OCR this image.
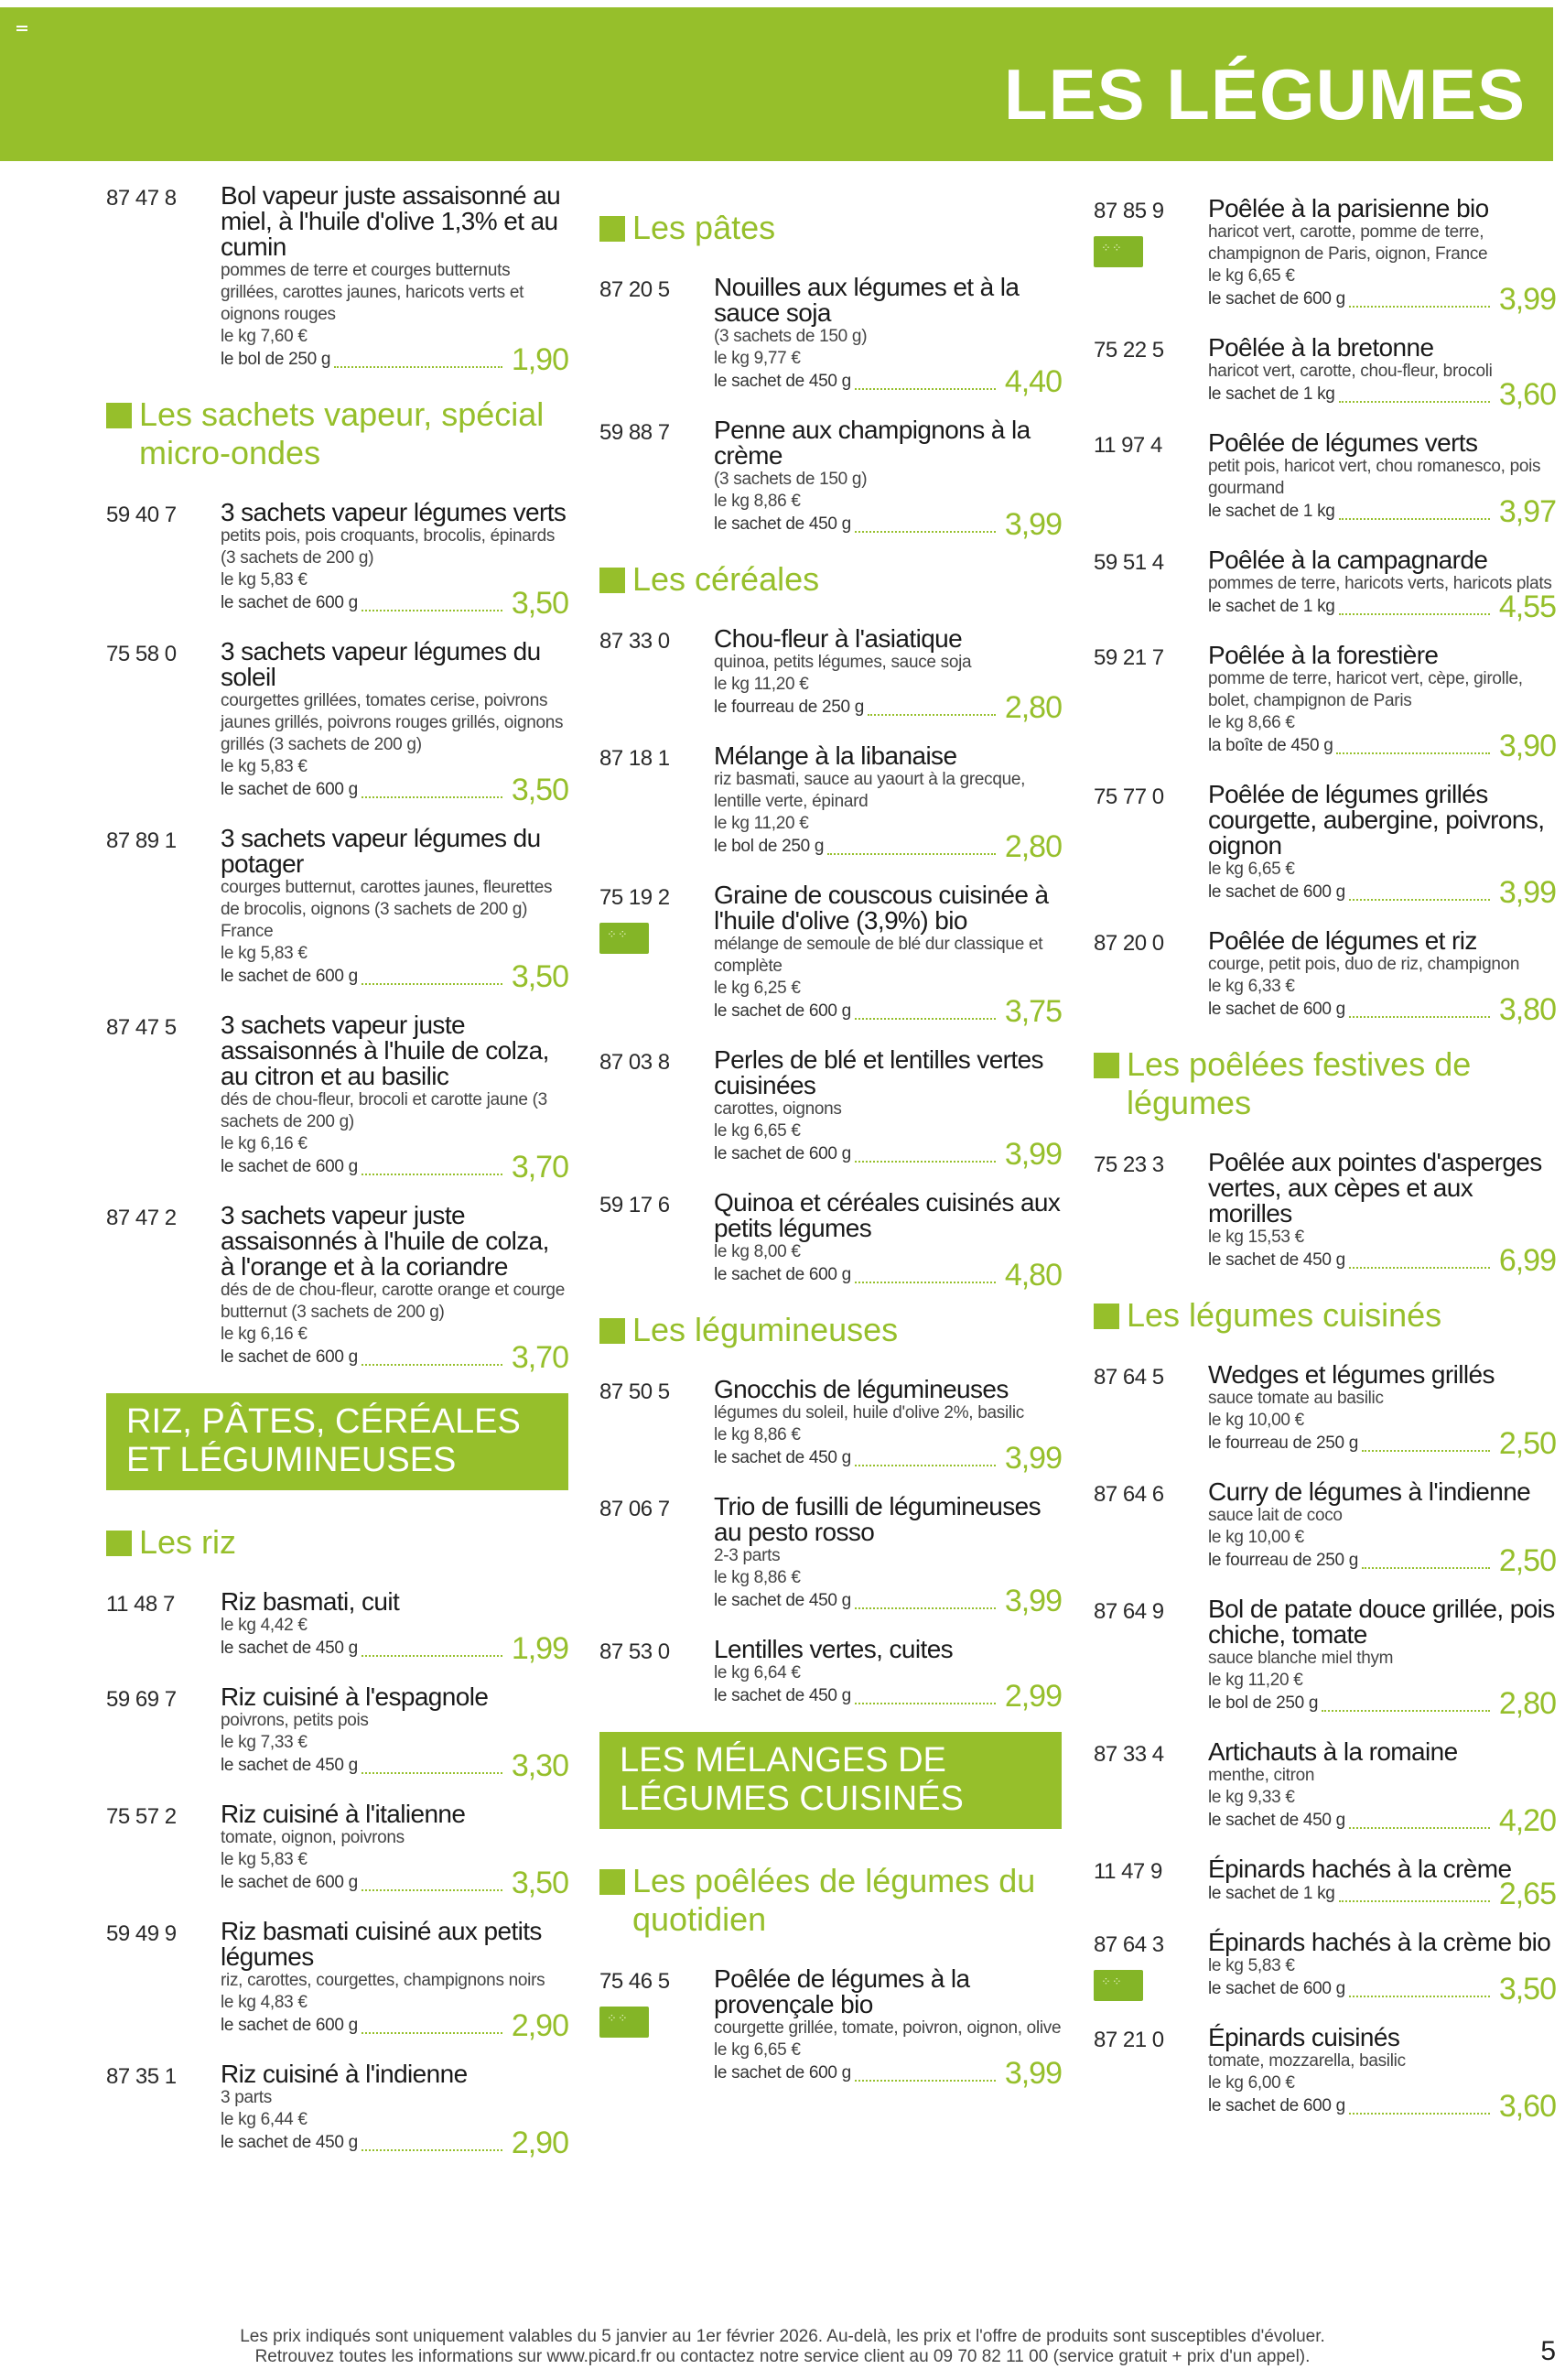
LES LÉGUMES
87 47 8 Bol vapeur juste assaisonné au miel, à l'huile d'olive 1,3% et au cumin
pommes de terre et courges butternuts grillées, carottes jaunes, haricots verts et oignons rouges
le kg 7,60 €
le bol de 250 g	1,90
Les sachets vapeur, spécial micro-ondes
59 40 7 3 sachets vapeur légumes verts
petits pois, pois croquants, brocolis, épinards (3 sachets de 200 g)
le kg 5,83 €
le sachet de 600 g	3,50
75 58 0 3 sachets vapeur légumes du soleil
courgettes grillées, tomates cerise, poivrons jaunes grillés, poivrons rouges grillés, oignons grillés (3 sachets de 200 g)
le kg 5,83 €
le sachet de 600 g	3,50
87 89 1 3 sachets vapeur légumes du potager
courges butternut, carottes jaunes, fleurettes de brocolis, oignons (3 sachets de 200 g) France
le kg 5,83 €
le sachet de 600 g	3,50
87 47 5 3 sachets vapeur juste assaisonnés à l'huile de colza, au citron et au basilic
dés de chou-fleur, brocoli et carotte jaune (3 sachets de 200 g)
le kg 6,16 €
le sachet de 600 g	3,70
87 47 2 3 sachets vapeur juste assaisonnés à l'huile de colza, à l'orange et à la coriandre
dés de de chou-fleur, carotte orange et courge butternut (3 sachets de 200 g)
le kg 6,16 €
le sachet de 600 g	3,70
RIZ, PÂTES, CÉRÉALES ET LÉGUMINEUSES
Les riz
11 48 7 Riz basmati, cuit
le kg 4,42 €
le sachet de 450 g	1,99
59 69 7 Riz cuisiné à l'espagnole
poivrons, petits pois
le kg 7,33 €
le sachet de 450 g	3,30
75 57 2 Riz cuisiné à l'italienne
tomate, oignon, poivrons
le kg 5,83 €
le sachet de 600 g	3,50
59 49 9 Riz basmati cuisiné aux petits légumes
riz, carottes, courgettes, champignons noirs
le kg 4,83 €
le sachet de 600 g	2,90
87 35 1 Riz cuisiné à l'indienne
3 parts
le kg 6,44 €
le sachet de 450 g	2,90
Les pâtes
87 20 5 Nouilles aux légumes et à la sauce soja
(3 sachets de 150 g)
le kg 9,77 €
le sachet de 450 g	4,40
59 88 7 Penne aux champignons à la crème
(3 sachets de 150 g)
le kg 8,86 €
le sachet de 450 g	3,99
Les céréales
87 33 0 Chou-fleur à l'asiatique
quinoa, petits légumes, sauce soja
le kg 11,20 €
le fourreau de 250 g	2,80
87 18 1 Mélange à la libanaise
riz basmati, sauce au yaourt à la grecque, lentille verte, épinard
le kg 11,20 €
le bol de 250 g	2,80
75 19 2
⁘⁘
Graine de couscous cuisinée à l'huile d'olive (3,9%) bio
mélange de semoule de blé dur classique et complète
le kg 6,25 €
le sachet de 600 g	3,75
87 03 8 Perles de blé et lentilles vertes cuisinées
carottes, oignons
le kg 6,65 €
le sachet de 600 g	3,99
59 17 6 Quinoa et céréales cuisinés aux petits légumes
le kg 8,00 €
le sachet de 600 g	4,80
Les légumineuses
87 50 5 Gnocchis de légumineuses
légumes du soleil, huile d'olive 2%, basilic
le kg 8,86 €
le sachet de 450 g	3,99
87 06 7 Trio de fusilli de légumineuses au pesto rosso
2-3 parts
le kg 8,86 €
le sachet de 450 g	3,99
87 53 0 Lentilles vertes, cuites
le kg 6,64 €
le sachet de 450 g	2,99
LES MÉLANGES DE LÉGUMES CUISINÉS
Les poêlées de légumes du quotidien
75 46 5
⁘⁘
Poêlée de légumes à la provençale bio
courgette grillée, tomate, poivron, oignon, olive
le kg 6,65 €
le sachet de 600 g	3,99
87 85 9
⁘⁘
Poêlée à la parisienne bio
haricot vert, carotte, pomme de terre, champignon de Paris, oignon, France
le kg 6,65 €
le sachet de 600 g	3,99
75 22 5 Poêlée à la bretonne
haricot vert, carotte, chou-fleur, brocoli
le sachet de 1 kg	3,60
11 97 4 Poêlée de légumes verts
petit pois, haricot vert, chou romanesco, pois gourmand
le sachet de 1 kg	3,97
59 51 4 Poêlée à la campagnarde
pommes de terre, haricots verts, haricots plats
le sachet de 1 kg	4,55
59 21 7 Poêlée à la forestière
pomme de terre, haricot vert, cèpe, girolle, bolet, champignon de Paris
le kg 8,66 €
la boîte de 450 g	3,90
75 77 0 Poêlée de légumes grillés courgette, aubergine, poivrons, oignon
le kg 6,65 €
le sachet de 600 g	3,99
87 20 0 Poêlée de légumes et riz
courge, petit pois, duo de riz, champignon
le kg 6,33 €
le sachet de 600 g	3,80
Les poêlées festives de légumes
75 23 3 Poêlée aux pointes d'asperges vertes, aux cèpes et aux morilles
le kg 15,53 €
le sachet de 450 g	6,99
Les légumes cuisinés
87 64 5 Wedges et légumes grillés
sauce tomate au basilic
le kg 10,00 €
le fourreau de 250 g	2,50
87 64 6 Curry de légumes à l'indienne
sauce lait de coco
le kg 10,00 €
le fourreau de 250 g	2,50
87 64 9 Bol de patate douce grillée, pois chiche, tomate
sauce blanche miel thym
le kg 11,20 €
le bol de 250 g	2,80
87 33 4 Artichauts à la romaine
menthe, citron
le kg 9,33 €
le sachet de 450 g	4,20
11 47 9 Épinards hachés à la crème
le sachet de 1 kg	2,65
87 64 3
⁘⁘
Épinards hachés à la crème bio
le kg 5,83 €
le sachet de 600 g	3,50
87 21 0 Épinards cuisinés
tomate, mozzarella, basilic
le kg 6,00 €
le sachet de 600 g	3,60
Les prix indiqués sont uniquement valables du 5 janvier au 1er février 2026. Au-delà, les prix et l'offre de produits sont susceptibles d'évoluer.
Retrouvez toutes les informations sur www.picard.fr ou contactez notre service client au 09 70 82 11 00 (service gratuit + prix d'un appel).	5
